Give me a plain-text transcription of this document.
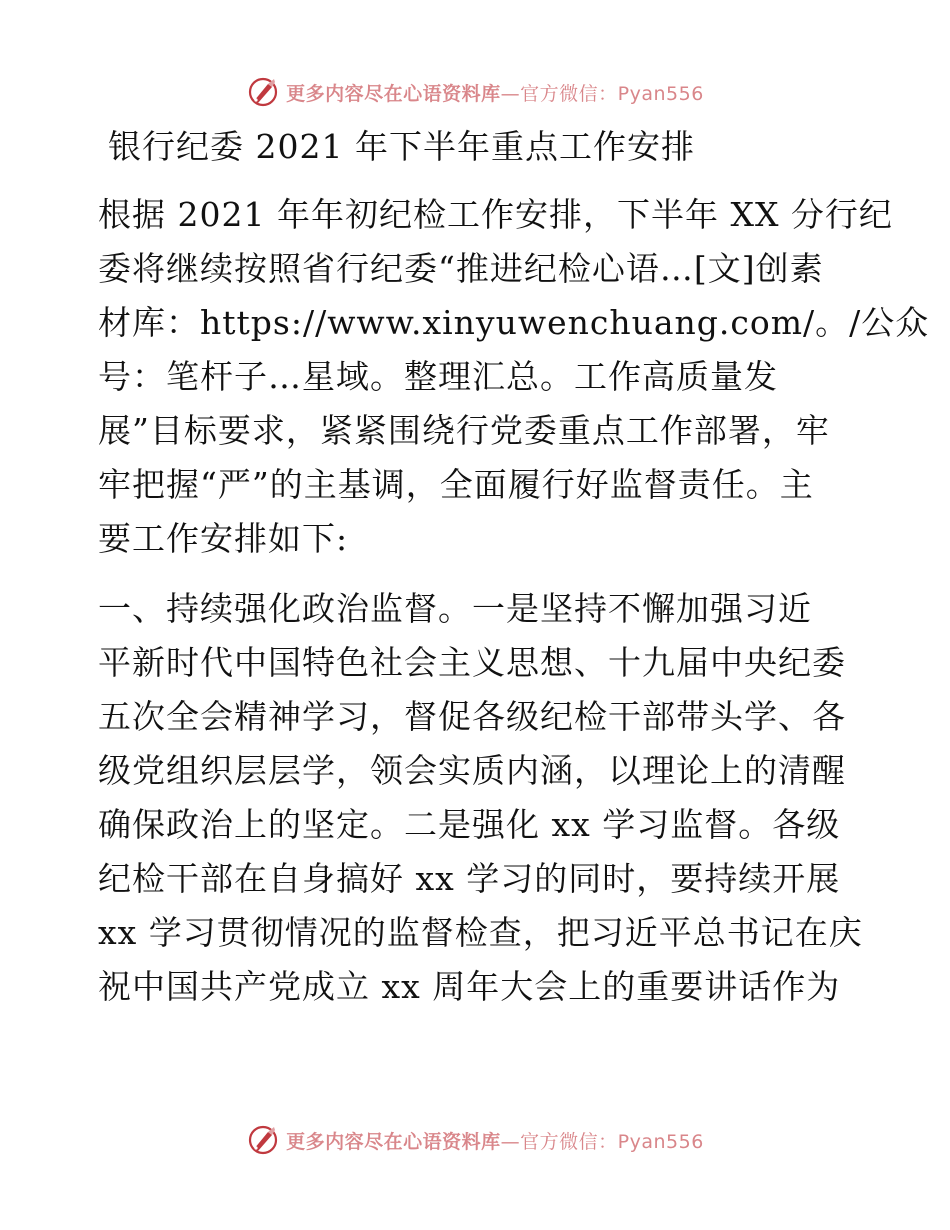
更多内容尽在心语资料库—官方微信：Pyan556
银行纪委 2021 年下半年重点工作安排

根据 2021 年年初纪检工作安排，下半年 XX 分行纪
委将继续按照省行纪委“推进纪检心语…[文]创素
材库：https://www.xinyuwenchuang.com/。/公众
号：笔杆子…星域。整理汇总。工作高质量发
展”目标要求，紧紧围绕行党委重点工作部署，牢
牢把握“严”的主基调，全面履行好监督责任。主
要工作安排如下:

一、持续强化政治监督。一是坚持不懈加强习近
平新时代中国特色社会主义思想、十九届中央纪委
五次全会精神学习，督促各级纪检干部带头学、各
级党组织层层学，领会实质内涵，以理论上的清醒
确保政治上的坚定。二是强化 xx 学习监督。各级
纪检干部在自身搞好 xx 学习的同时，要持续开展
xx 学习贯彻情况的监督检查，把习近平总书记在庆
祝中国共产党成立 xx 周年大会上的重要讲话作为

更多内容尽在心语资料库—官方微信：Pyan556
